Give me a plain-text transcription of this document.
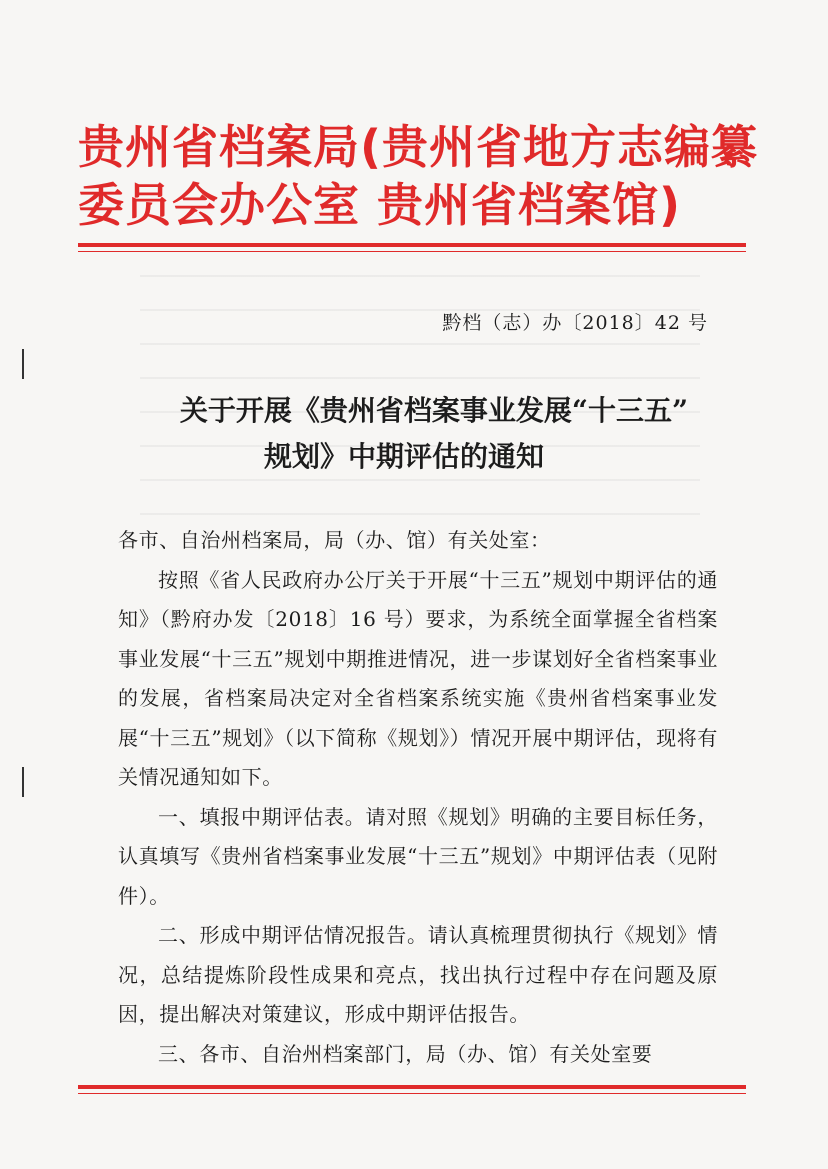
贵州省档案局(贵州省地方志编纂
委员会办公室 贵州省档案馆)
黔档（志）办〔2018〕42 号
关于开展《贵州省档案事业发展“十三五”
规划》中期评估的通知

各市、自治州档案局，局（办、馆）有关处室：

按照《省人民政府办公厅关于开展“十三五”规划中期评估的通知》（黔府办发〔2018〕16 号）要求，为系统全面掌握全省档案事业发展“十三五”规划中期推进情况，进一步谋划好全省档案事业的发展，省档案局决定对全省档案系统实施《贵州省档案事业发展“十三五”规划》（以下简称《规划》）情况开展中期评估，现将有关情况通知如下。

一、填报中期评估表。请对照《规划》明确的主要目标任务，认真填写《贵州省档案事业发展“十三五”规划》中期评估表（见附件）。

二、形成中期评估情况报告。请认真梳理贯彻执行《规划》情况，总结提炼阶段性成果和亮点，找出执行过程中存在问题及原因，提出解决对策建议，形成中期评估报告。

三、各市、自治州档案部门，局（办、馆）有关处室要
